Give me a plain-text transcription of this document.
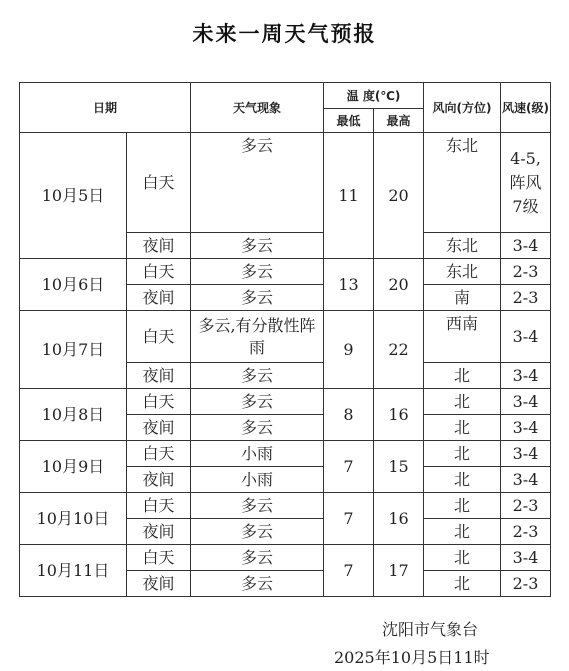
未来一周天气预报
日期		天气现象	温 度(℃)		风向(方位)	风速(级)
			最低	最高		
10月5日	白天	多云	11	20	东北	4-5,阵风7级
	夜间	多云			东北	3-4
10月6日	白天	多云	13	20	东北	2-3
	夜间	多云			南	2-3
10月7日	白天	多云,有分散性阵雨	9	22	西南	3-4
	夜间	多云			北	3-4
10月8日	白天	多云	8	16	北	3-4
	夜间	多云			北	3-4
10月9日	白天	小雨	7	15	北	3-4
	夜间	小雨			北	3-4
10月10日	白天	多云	7	16	北	2-3
	夜间	多云			北	2-3
10月11日	白天	多云	7	17	北	3-4
	夜间	多云			北	2-3
沈阳市气象台
2025年10月5日11时
